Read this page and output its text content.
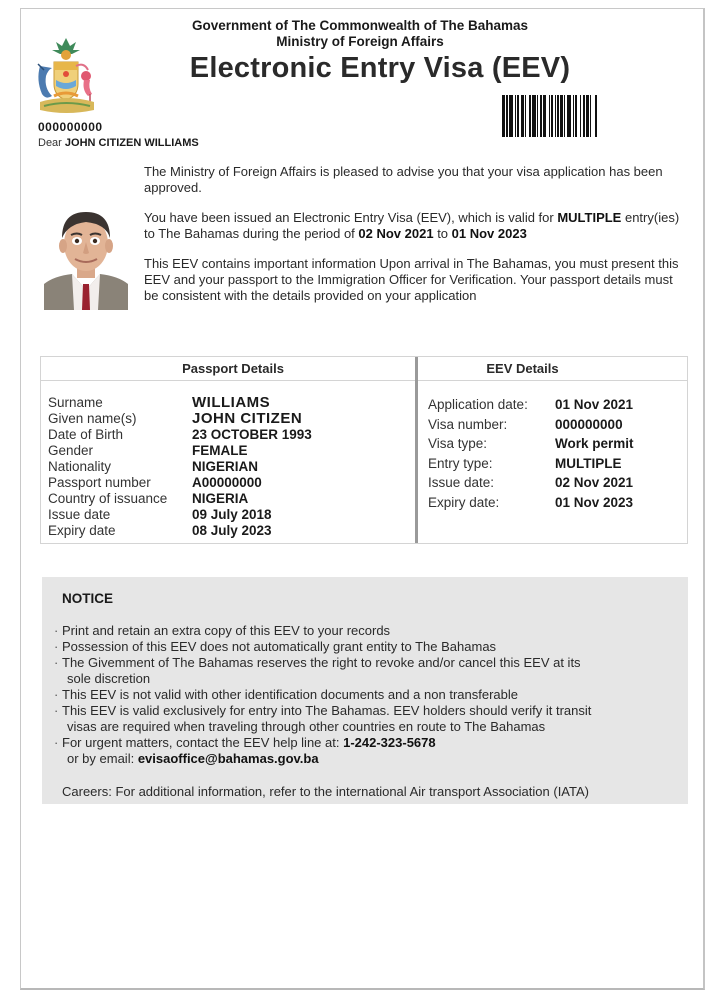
Government of The Commonwealth of The Bahamas
Ministry of Foreign Affairs
Electronic Entry Visa (EEV)
000000000
Dear JOHN CITIZEN WILLIAMS

The Ministry of Foreign Affairs is pleased to advise you that your visa application has been approved.

You have been issued an Electronic Entry Visa (EEV), which is valid for MULTIPLE entry(ies) to The Bahamas during the period of 02 Nov 2021 to 01 Nov 2023

This EEV contains important information Upon arrival in The Bahamas, you must present this EEV and your passport to the Immigration Officer for Verification. Your passport details must be consistent with the details provided on your application

Passport Details
Surname	WILLIAMS
Given name(s)	JOHN CITIZEN
Date of Birth	23 OCTOBER 1993
Gender	FEMALE
Nationality	NIGERIAN
Passport number	A00000000
Country of issuance	NIGERIA
Issue date	09 July 2018
Expiry date	08 July 2023
EEV Details
Application date:	01 Nov 2021
Visa number:	000000000
Visa type:	Work permit
Entry type:	MULTIPLE
Issue date:	02 Nov 2021
Expiry date:	01 Nov 2023
NOTICE
· Print and retain an extra copy of this EEV to your records
· Possession of this EEV does not automatically grant entity to The Bahamas
· The Givemment of The Bahamas reserves the right to revoke and/or cancel this EEV at its
sole discretion
· This EEV is not valid with other identification documents and a non transferable
· This EEV is valid exclusively for entry into The Bahamas. EEV holders should verify it transit
visas are required when traveling through other countries en route to The Bahamas
· For urgent matters, contact the EEV help line at: 1-242-323-5678
or by email: evisaoffice@bahamas.gov.ba
Careers: For additional information, refer to the international Air transport Association (IATA)
